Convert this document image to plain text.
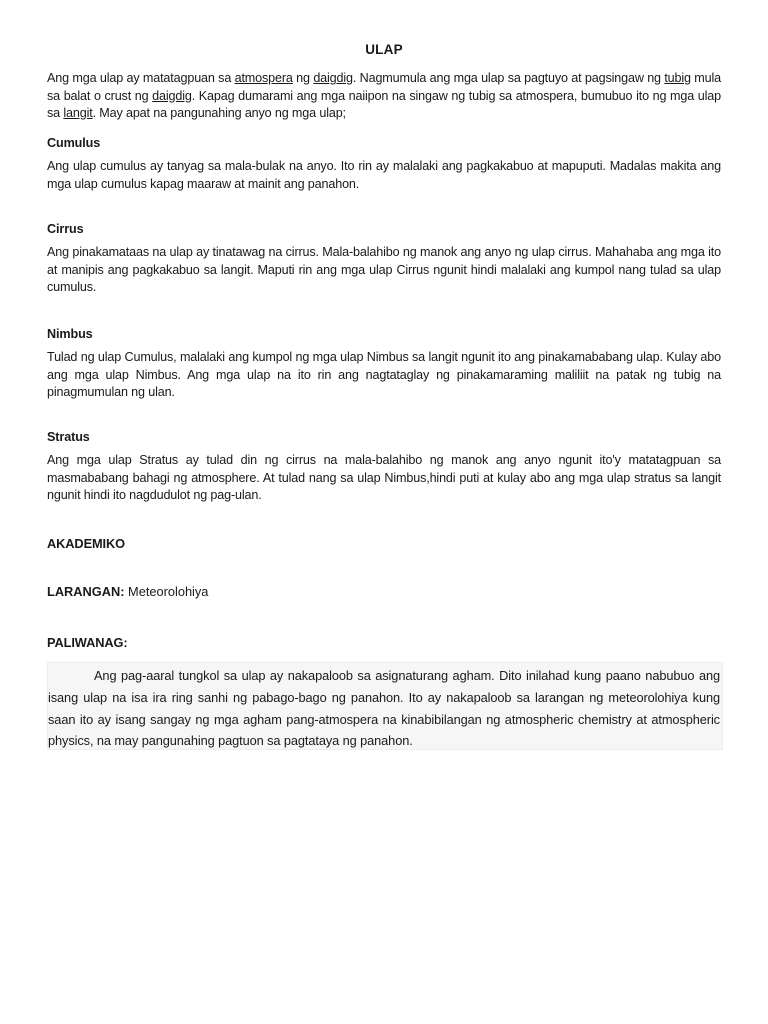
ULAP

Ang mga ulap ay matatagpuan sa atmospera ng daigdig. Nagmumula ang mga ulap sa pagtuyo at pagsingaw ng tubig mula sa balat o crust ng daigdig. Kapag dumarami ang mga naiipon na singaw ng tubig sa atmospera, bumubuo ito ng mga ulap sa langit. May apat na pangunahing anyo ng mga ulap;

Cumulus

Ang ulap cumulus ay tanyag sa mala-bulak na anyo. Ito rin ay malalaki ang pagkakabuo at mapuputi. Madalas makita ang mga ulap cumulus kapag maaraw at mainit ang panahon.

Cirrus

Ang pinakamataas na ulap ay tinatawag na cirrus. Mala-balahibo ng manok ang anyo ng ulap cirrus. Mahahaba ang mga ito at manipis ang pagkakabuo sa langit. Maputi rin ang mga ulap Cirrus ngunit hindi malalaki ang kumpol nang tulad sa ulap cumulus.

Nimbus

Tulad ng ulap Cumulus, malalaki ang kumpol ng mga ulap Nimbus sa langit ngunit ito ang pinakamababang ulap. Kulay abo ang mga ulap Nimbus. Ang mga ulap na ito rin ang nagtataglay ng pinakamaraming maliliit na patak ng tubig na pinagmumulan ng ulan.

Stratus

Ang mga ulap Stratus ay tulad din ng cirrus na mala-balahibo ng manok ang anyo ngunit ito'y matatagpuan sa masmababang bahagi ng atmosphere. At tulad nang sa ulap Nimbus,hindi puti at kulay abo ang mga ulap stratus sa langit ngunit hindi ito nagdudulot ng pag-ulan.

AKADEMIKO

LARANGAN: Meteorolohiya

PALIWANAG:

Ang pag-aaral tungkol sa ulap ay nakapaloob sa asignaturang agham. Dito inilahad kung paano nabubuo ang isang ulap na isa ira ring sanhi ng pabago-bago ng panahon. Ito ay nakapaloob sa larangan ng meteorolohiya kung saan ito ay isang sangay ng mga agham pang-atmospera na kinabibilangan ng atmospheric chemistry at atmospheric physics, na may pangunahing pagtuon sa pagtataya ng panahon.
